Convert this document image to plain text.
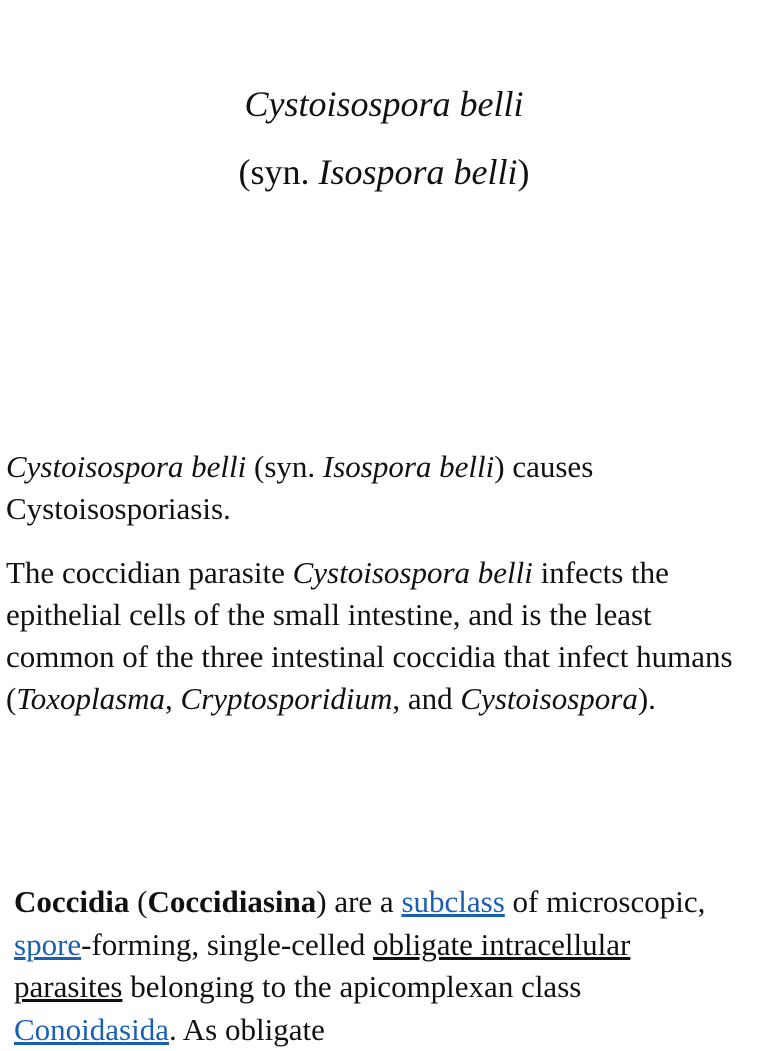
Cystoisospora belli

(syn. Isospora belli)

Cystoisospora belli (syn. Isospora belli) causes Cystoisosporiasis.

The coccidian parasite Cystoisospora belli infects the epithelial cells of the small intestine, and is the least common of the three intestinal coccidia that infect humans (Toxoplasma, Cryptosporidium, and Cystoisospora).

Coccidia (Coccidiasina) are a subclass of microscopic, spore-forming, single-celled obligate intracellular parasites belonging to the apicomplexan class Conoidasida. As obligate
